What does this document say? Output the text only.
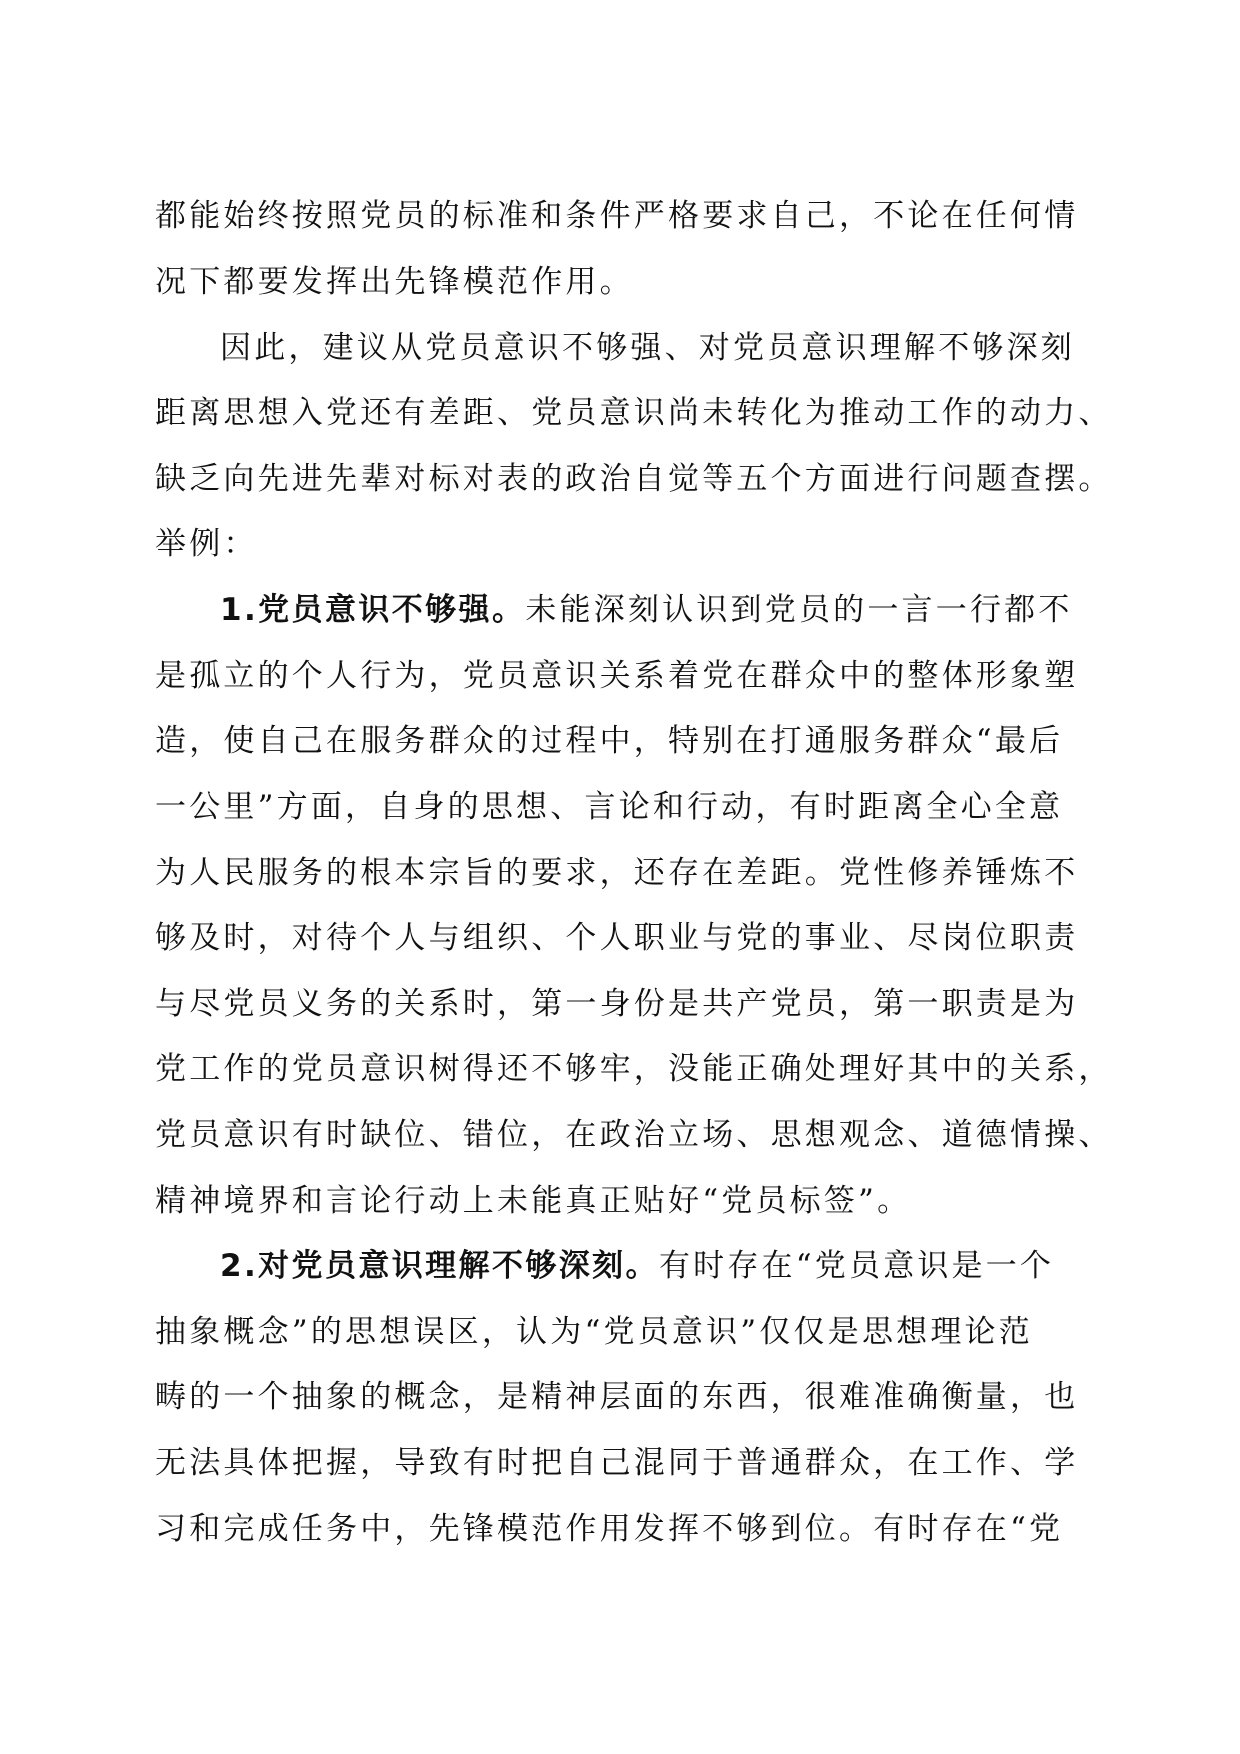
都能始终按照党员的标准和条件严格要求自己，不论在任何情

况下都要发挥出先锋模范作用。

因此，建议从党员意识不够强、对党员意识理解不够深刻

距离思想入党还有差距、党员意识尚未转化为推动工作的动力、

缺乏向先进先辈对标对表的政治自觉等五个方面进行问题查摆。

举例：

1.党员意识不够强。未能深刻认识到党员的一言一行都不

是孤立的个人行为，党员意识关系着党在群众中的整体形象塑

造，使自己在服务群众的过程中，特别在打通服务群众“最后

一公里”方面，自身的思想、言论和行动，有时距离全心全意

为人民服务的根本宗旨的要求，还存在差距。党性修养锤炼不

够及时，对待个人与组织、个人职业与党的事业、尽岗位职责

与尽党员义务的关系时，第一身份是共产党员，第一职责是为

党工作的党员意识树得还不够牢，没能正确处理好其中的关系，

党员意识有时缺位、错位，在政治立场、思想观念、道德情操、

精神境界和言论行动上未能真正贴好“党员标签”。

2.对党员意识理解不够深刻。有时存在“党员意识是一个

抽象概念”的思想误区，认为“党员意识”仅仅是思想理论范

畴的一个抽象的概念，是精神层面的东西，很难准确衡量，也

无法具体把握，导致有时把自己混同于普通群众，在工作、学

习和完成任务中，先锋模范作用发挥不够到位。有时存在“党
